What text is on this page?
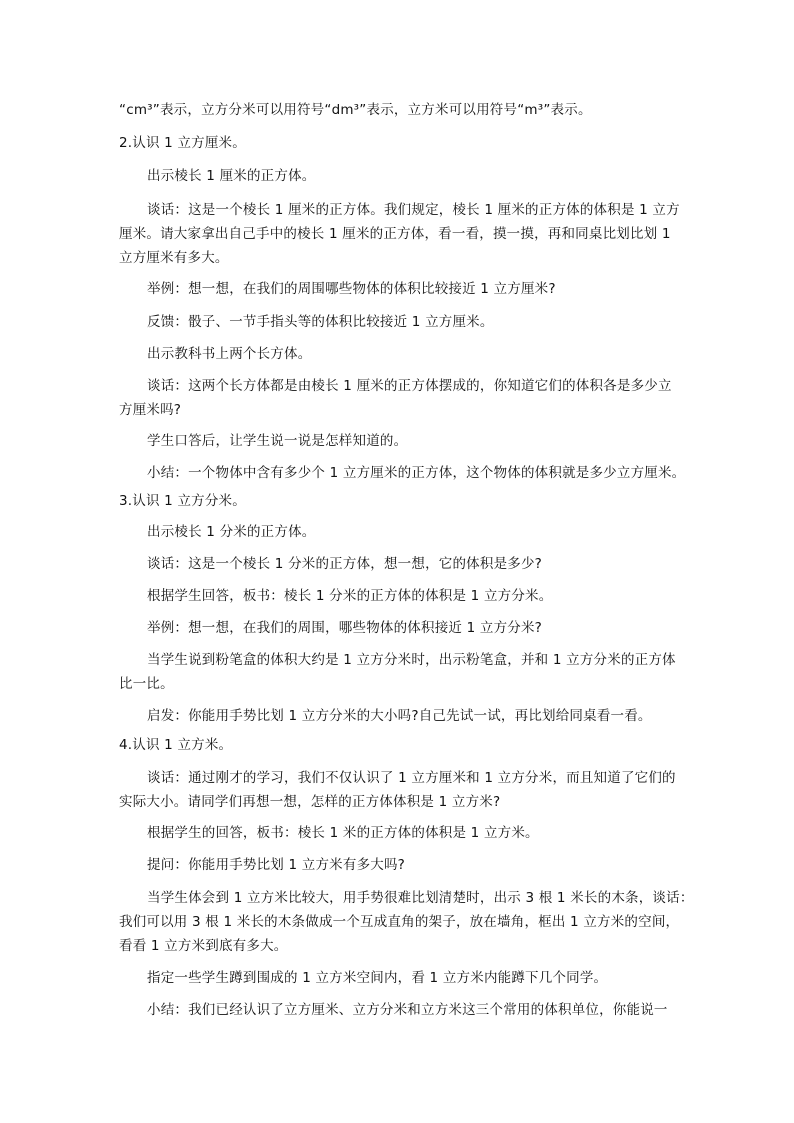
“cm³”表示，立方分米可以用符号“dm³”表示，立方米可以用符号“m³”表示。

2.认识 1 立方厘米。

出示棱长 1 厘米的正方体。

谈话：这是一个棱长 1 厘米的正方体。我们规定，棱长 1 厘米的正方体的体积是 1 立方
厘米。请大家拿出自己手中的棱长 1 厘米的正方体，看一看，摸一摸，再和同桌比划比划 1
立方厘米有多大。

举例：想一想，在我们的周围哪些物体的体积比较接近 1 立方厘米?

反馈：骰子、一节手指头等的体积比较接近 1 立方厘米。

出示教科书上两个长方体。

谈话：这两个长方体都是由棱长 1 厘米的正方体摆成的，你知道它们的体积各是多少立
方厘米吗?

学生口答后，让学生说一说是怎样知道的。

小结：一个物体中含有多少个 1 立方厘米的正方体，这个物体的体积就是多少立方厘米。

3.认识 1 立方分米。

出示棱长 1 分米的正方体。

谈话：这是一个棱长 1 分米的正方体，想一想，它的体积是多少?

根据学生回答，板书：棱长 1 分米的正方体的体积是 1 立方分米。

举例：想一想，在我们的周围，哪些物体的体积接近 1 立方分米?

当学生说到粉笔盒的体积大约是 1 立方分米时，出示粉笔盒，并和 1 立方分米的正方体
比一比。

启发：你能用手势比划 1 立方分米的大小吗?自己先试一试，再比划给同桌看一看。

4.认识 1 立方米。

谈话：通过刚才的学习，我们不仅认识了 1 立方厘米和 1 立方分米，而且知道了它们的
实际大小。请同学们再想一想，怎样的正方体体积是 1 立方米?

根据学生的回答，板书：棱长 1 米的正方体的体积是 1 立方米。

提问：你能用手势比划 1 立方米有多大吗?

当学生体会到 1 立方米比较大，用手势很难比划清楚时，出示 3 根 1 米长的木条，谈话：
我们可以用 3 根 1 米长的木条做成一个互成直角的架子，放在墙角，框出 1 立方米的空间，
看看 1 立方米到底有多大。

指定一些学生蹲到围成的 1 立方米空间内，看 1 立方米内能蹲下几个同学。

小结：我们已经认识了立方厘米、立方分米和立方米这三个常用的体积单位，你能说一
